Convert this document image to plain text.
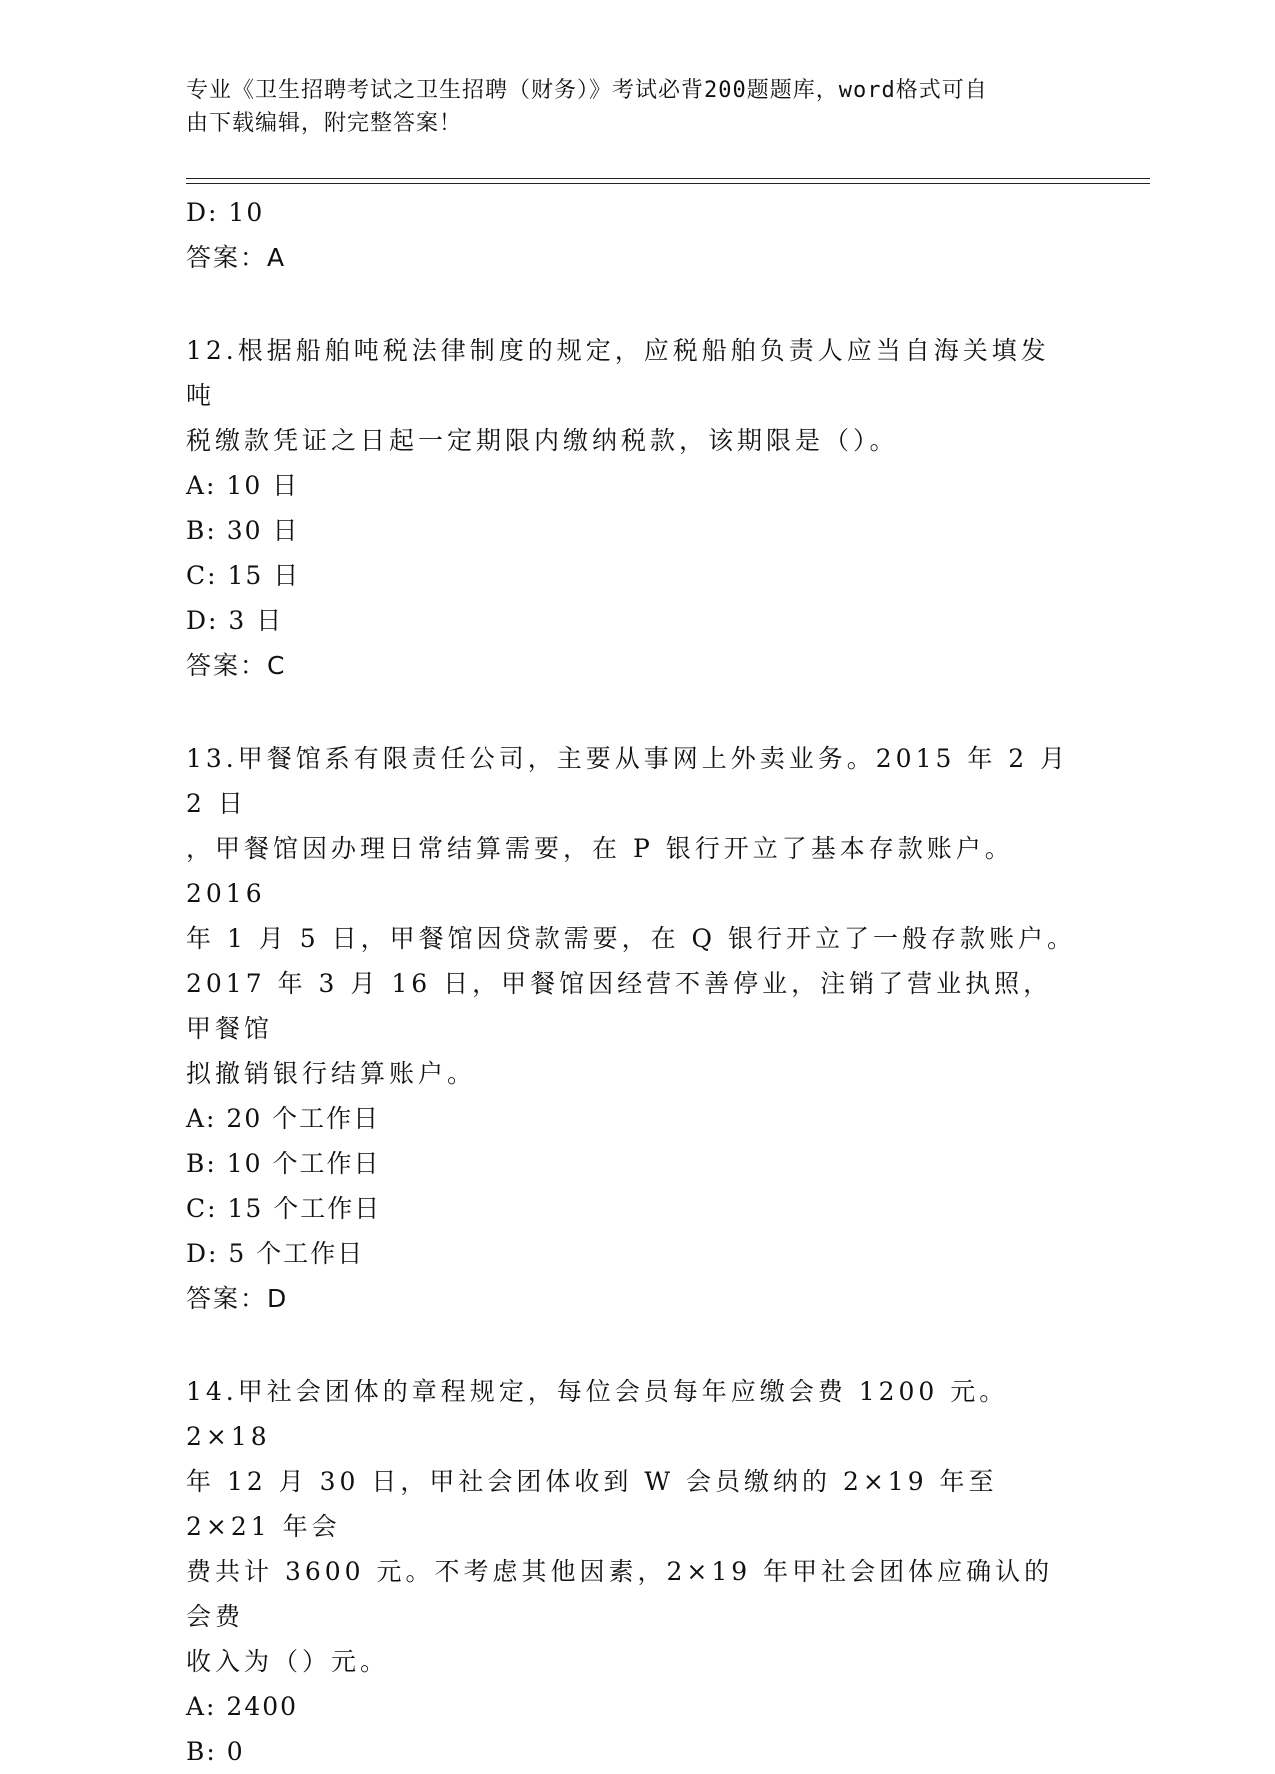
专业《卫生招聘考试之卫生招聘（财务）》考试必背200题题库，word格式可自
由下载编辑，附完整答案！
D: 10
答案：A
12.根据船舶吨税法律制度的规定，应税船舶负责人应当自海关填发吨
税缴款凭证之日起一定期限内缴纳税款，该期限是（）。
A: 10 日
B: 30 日
C: 15 日
D: 3 日
答案：C
13.甲餐馆系有限责任公司，主要从事网上外卖业务。2015 年 2 月 2 日
，甲餐馆因办理日常结算需要，在 P 银行开立了基本存款账户。2016
年 1 月 5 日，甲餐馆因贷款需要，在 Q 银行开立了一般存款账户。
2017 年 3 月 16 日，甲餐馆因经营不善停业，注销了营业执照，甲餐馆
拟撤销银行结算账户。
A: 20 个工作日
B: 10 个工作日
C: 15 个工作日
D: 5 个工作日
答案：D
14.甲社会团体的章程规定，每位会员每年应缴会费 1200 元。2×18
年 12 月 30 日，甲社会团体收到 W 会员缴纳的 2×19 年至 2×21 年会
费共计 3600 元。不考虑其他因素，2×19 年甲社会团体应确认的会费
收入为（）元。
A: 2400
B: 0
